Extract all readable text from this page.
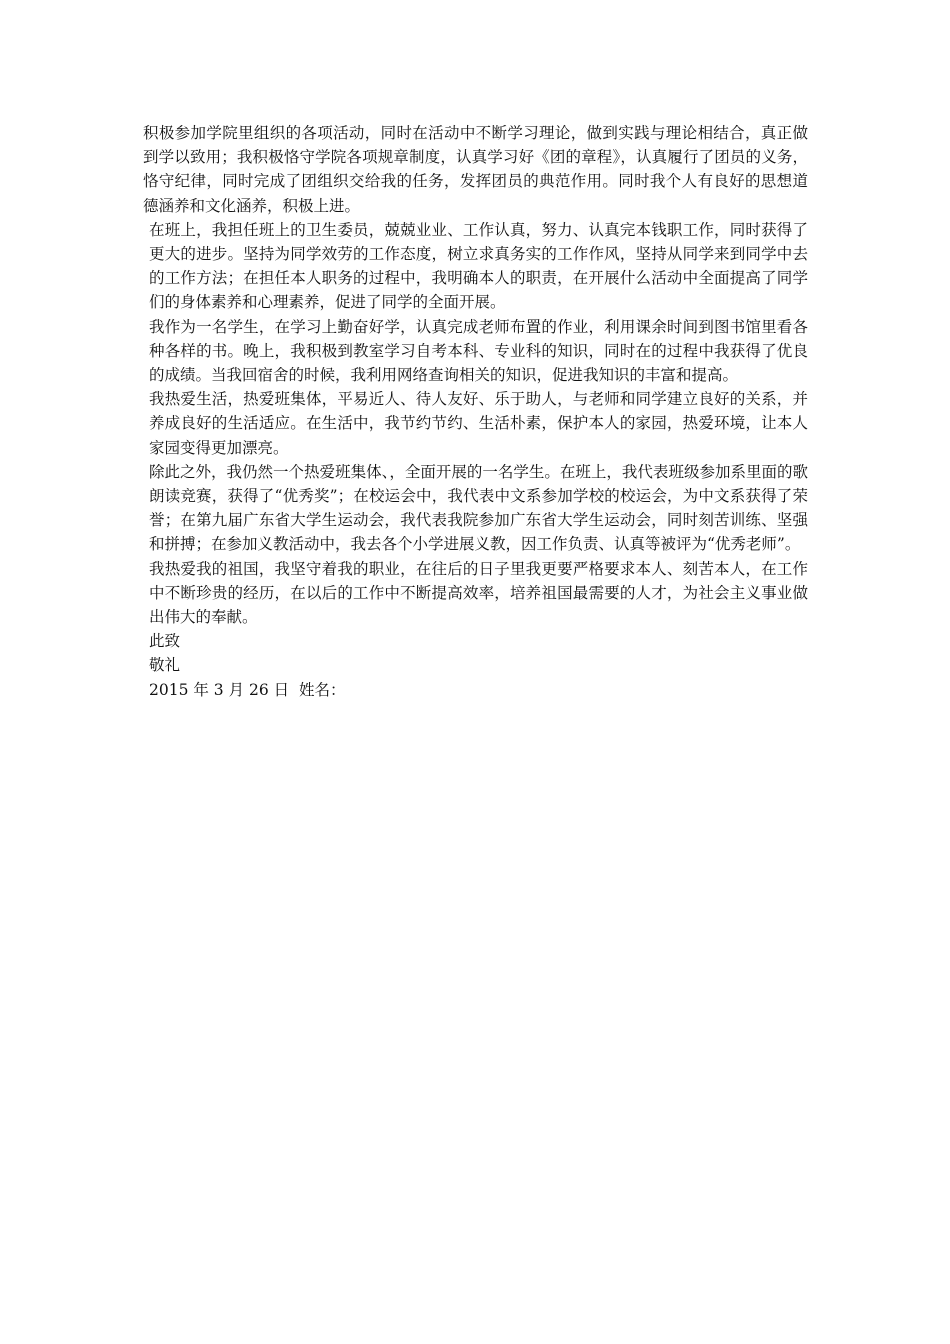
积极参加学院里组织的各项活动，同时在活动中不断学习理论，做到实践与理论相结合，真正做到学以致用；我积极恪守学院各项规章制度，认真学习好《团的章程》，认真履行了团员的义务，恪守纪律，同时完成了团组织交给我的任务，发挥团员的典范作用。同时我个人有良好的思想道德涵养和文化涵养，积极上进。

在班上，我担任班上的卫生委员，兢兢业业、工作认真，努力、认真完本钱职工作，同时获得了更大的进步。坚持为同学效劳的工作态度，树立求真务实的工作作风，坚持从同学来到同学中去的工作方法；在担任本人职务的过程中，我明确本人的职责，在开展什么活动中全面提高了同学们的身体素养和心理素养，促进了同学的全面开展。

我作为一名学生，在学习上勤奋好学，认真完成老师布置的作业，利用课余时间到图书馆里看各种各样的书。晚上，我积极到教室学习自考本科、专业科的知识，同时在的过程中我获得了优良的成绩。当我回宿舍的时候，我利用网络查询相关的知识，促进我知识的丰富和提高。

我热爱生活，热爱班集体，平易近人、待人友好、乐于助人，与老师和同学建立良好的关系，并养成良好的生活适应。在生活中，我节约节约、生活朴素，保护本人的家园，热爱环境，让本人家园变得更加漂亮。

除此之外，我仍然一个热爱班集体、，全面开展的一名学生。在班上，我代表班级参加系里面的歌朗读竞赛，获得了“优秀奖”；在校运会中，我代表中文系参加学校的校运会，为中文系获得了荣誉；在第九届广东省大学生运动会，我代表我院参加广东省大学生运动会，同时刻苦训练、坚强和拼搏；在参加义教活动中，我去各个小学进展义教，因工作负责、认真等被评为“优秀老师”。

我热爱我的祖国，我坚守着我的职业，在往后的日子里我更要严格要求本人、刻苦本人，在工作中不断珍贵的经历，在以后的工作中不断提高效率，培养祖国最需要的人才，为社会主义事业做出伟大的奉献。

此致

敬礼

2015 年 3 月 26 日  姓名：
